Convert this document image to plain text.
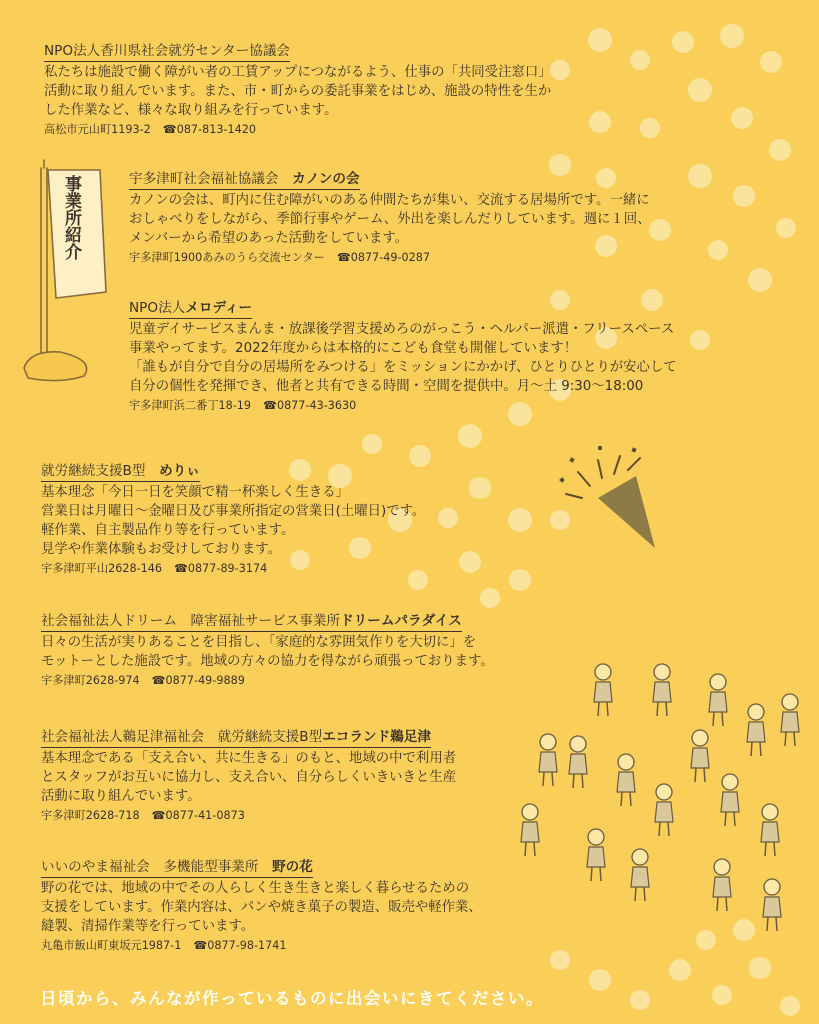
事業所紹介
NPO法人香川県社会就労センター協議会
私たちは施設で働く障がい者の工賃アップにつながるよう、仕事の「共同受注窓口」
活動に取り組んでいます。また、市・町からの委託事業をはじめ、施設の特性を生か
した作業など、様々な取り組みを行っています。
高松市元山町1193-2 ☎087-813-1420
宇多津町社会福祉協議会　カノンの会
カノンの会は、町内に住む障がいのある仲間たちが集い、交流する居場所です。一緒に
おしゃべりをしながら、季節行事やゲーム、外出を楽しんだりしています。週に１回、
メンバーから希望のあった活動をしています。
宇多津町1900あみのうら交流センター ☎0877-49-0287
NPO法人メロディー
児童デイサービスまんま・放課後学習支援めろのがっこう・ヘルパー派遣・フリースペース
事業やってます。2022年度からは本格的にこども食堂も開催しています！
「誰もが自分で自分の居場所をみつける」をミッションにかかげ、ひとりひとりが安心して
自分の個性を発揮でき、他者と共有できる時間・空間を提供中。月～土 9:30～18:00
宇多津町浜二番丁18-19 ☎0877-43-3630
就労継続支援B型　めりぃ
基本理念「今日一日を笑顔で精一杯楽しく生きる」
営業日は月曜日～金曜日及び事業所指定の営業日(土曜日)です。
軽作業、自主製品作り等を行っています。
見学や作業体験もお受けしております。
宇多津町平山2628-146 ☎0877-89-3174
社会福祉法人ドリーム　障害福祉サービス事業所ドリームパラダイス
日々の生活が実りあることを目指し、「家庭的な雰囲気作りを大切に」を
モットーとした施設です。地域の方々の協力を得ながら頑張っております。
宇多津町2628-974 ☎0877-49-9889
社会福祉法人鵜足津福祉会　就労継続支援B型エコランド鵜足津
基本理念である「支え合い、共に生きる」のもと、地域の中で利用者
とスタッフがお互いに協力し、支え合い、自分らしくいきいきと生産
活動に取り組んでいます。
宇多津町2628-718 ☎0877-41-0873
いいのやま福祉会　多機能型事業所　野の花
野の花では、地域の中でその人らしく生き生きと楽しく暮らせるための
支援をしています。作業内容は、パンや焼き菓子の製造、販売や軽作業、
縫製、清掃作業等を行っています。
丸亀市飯山町東坂元1987-1 ☎0877-98-1741
日頃から、みんなが作っているものに出会いにきてください。
